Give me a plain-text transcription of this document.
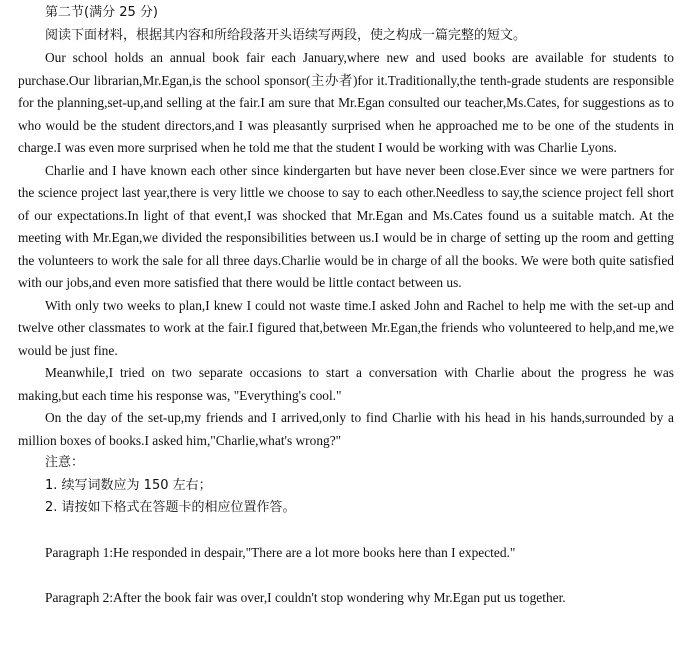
第二节(满分 25 分)
阅读下面材料，根据其内容和所给段落开头语续写两段，使之构成一篇完整的短文。
Our school holds an annual book fair each January,where new and used books are available for students to purchase.Our librarian,Mr.Egan,is the school sponsor(主办者)for it.Traditionally,the tenth-grade students are responsible for the planning,set-up,and selling at the fair.I am sure that Mr.Egan consulted our teacher,Ms.Cates, for suggestions as to who would be the student directors,and I was pleasantly surprised when he approached me to be one of the students in charge.I was even more surprised when he told me that the student I would be working with was Charlie Lyons.
Charlie and I have known each other since kindergarten but have never been close.Ever since we were partners for the science project last year,there is very little we choose to say to each other.Needless to say,the science project fell short of our expectations.In light of that event,I was shocked that Mr.Egan and Ms.Cates found us a suitable match. At the meeting with Mr.Egan,we divided the responsibilities between us.I would be in charge of setting up the room and getting the volunteers to work the sale for all three days.Charlie would be in charge of all the books. We were both quite satisfied with our jobs,and even more satisfied that there would be little contact between us.
With only two weeks to plan,I knew I could not waste time.I asked John and Rachel to help me with the set-up and twelve other classmates to work at the fair.I figured that,between Mr.Egan,the friends who volunteered to help,and me,we would be just fine.
Meanwhile,I tried on two separate occasions to start a conversation with Charlie about the progress he was making,but each time his response was, "Everything's cool."
On the day of the set-up,my friends and I arrived,only to find Charlie with his head in his hands,surrounded by a million boxes of books.I asked him,"Charlie,what's wrong?"
注意：
1. 续写词数应为 150 左右；
2. 请按如下格式在答题卡的相应位置作答。
Paragraph 1:He responded in despair,"There are a lot more books here than I expected."
Paragraph 2:After the book fair was over,I couldn't stop wondering why Mr.Egan put us together.
